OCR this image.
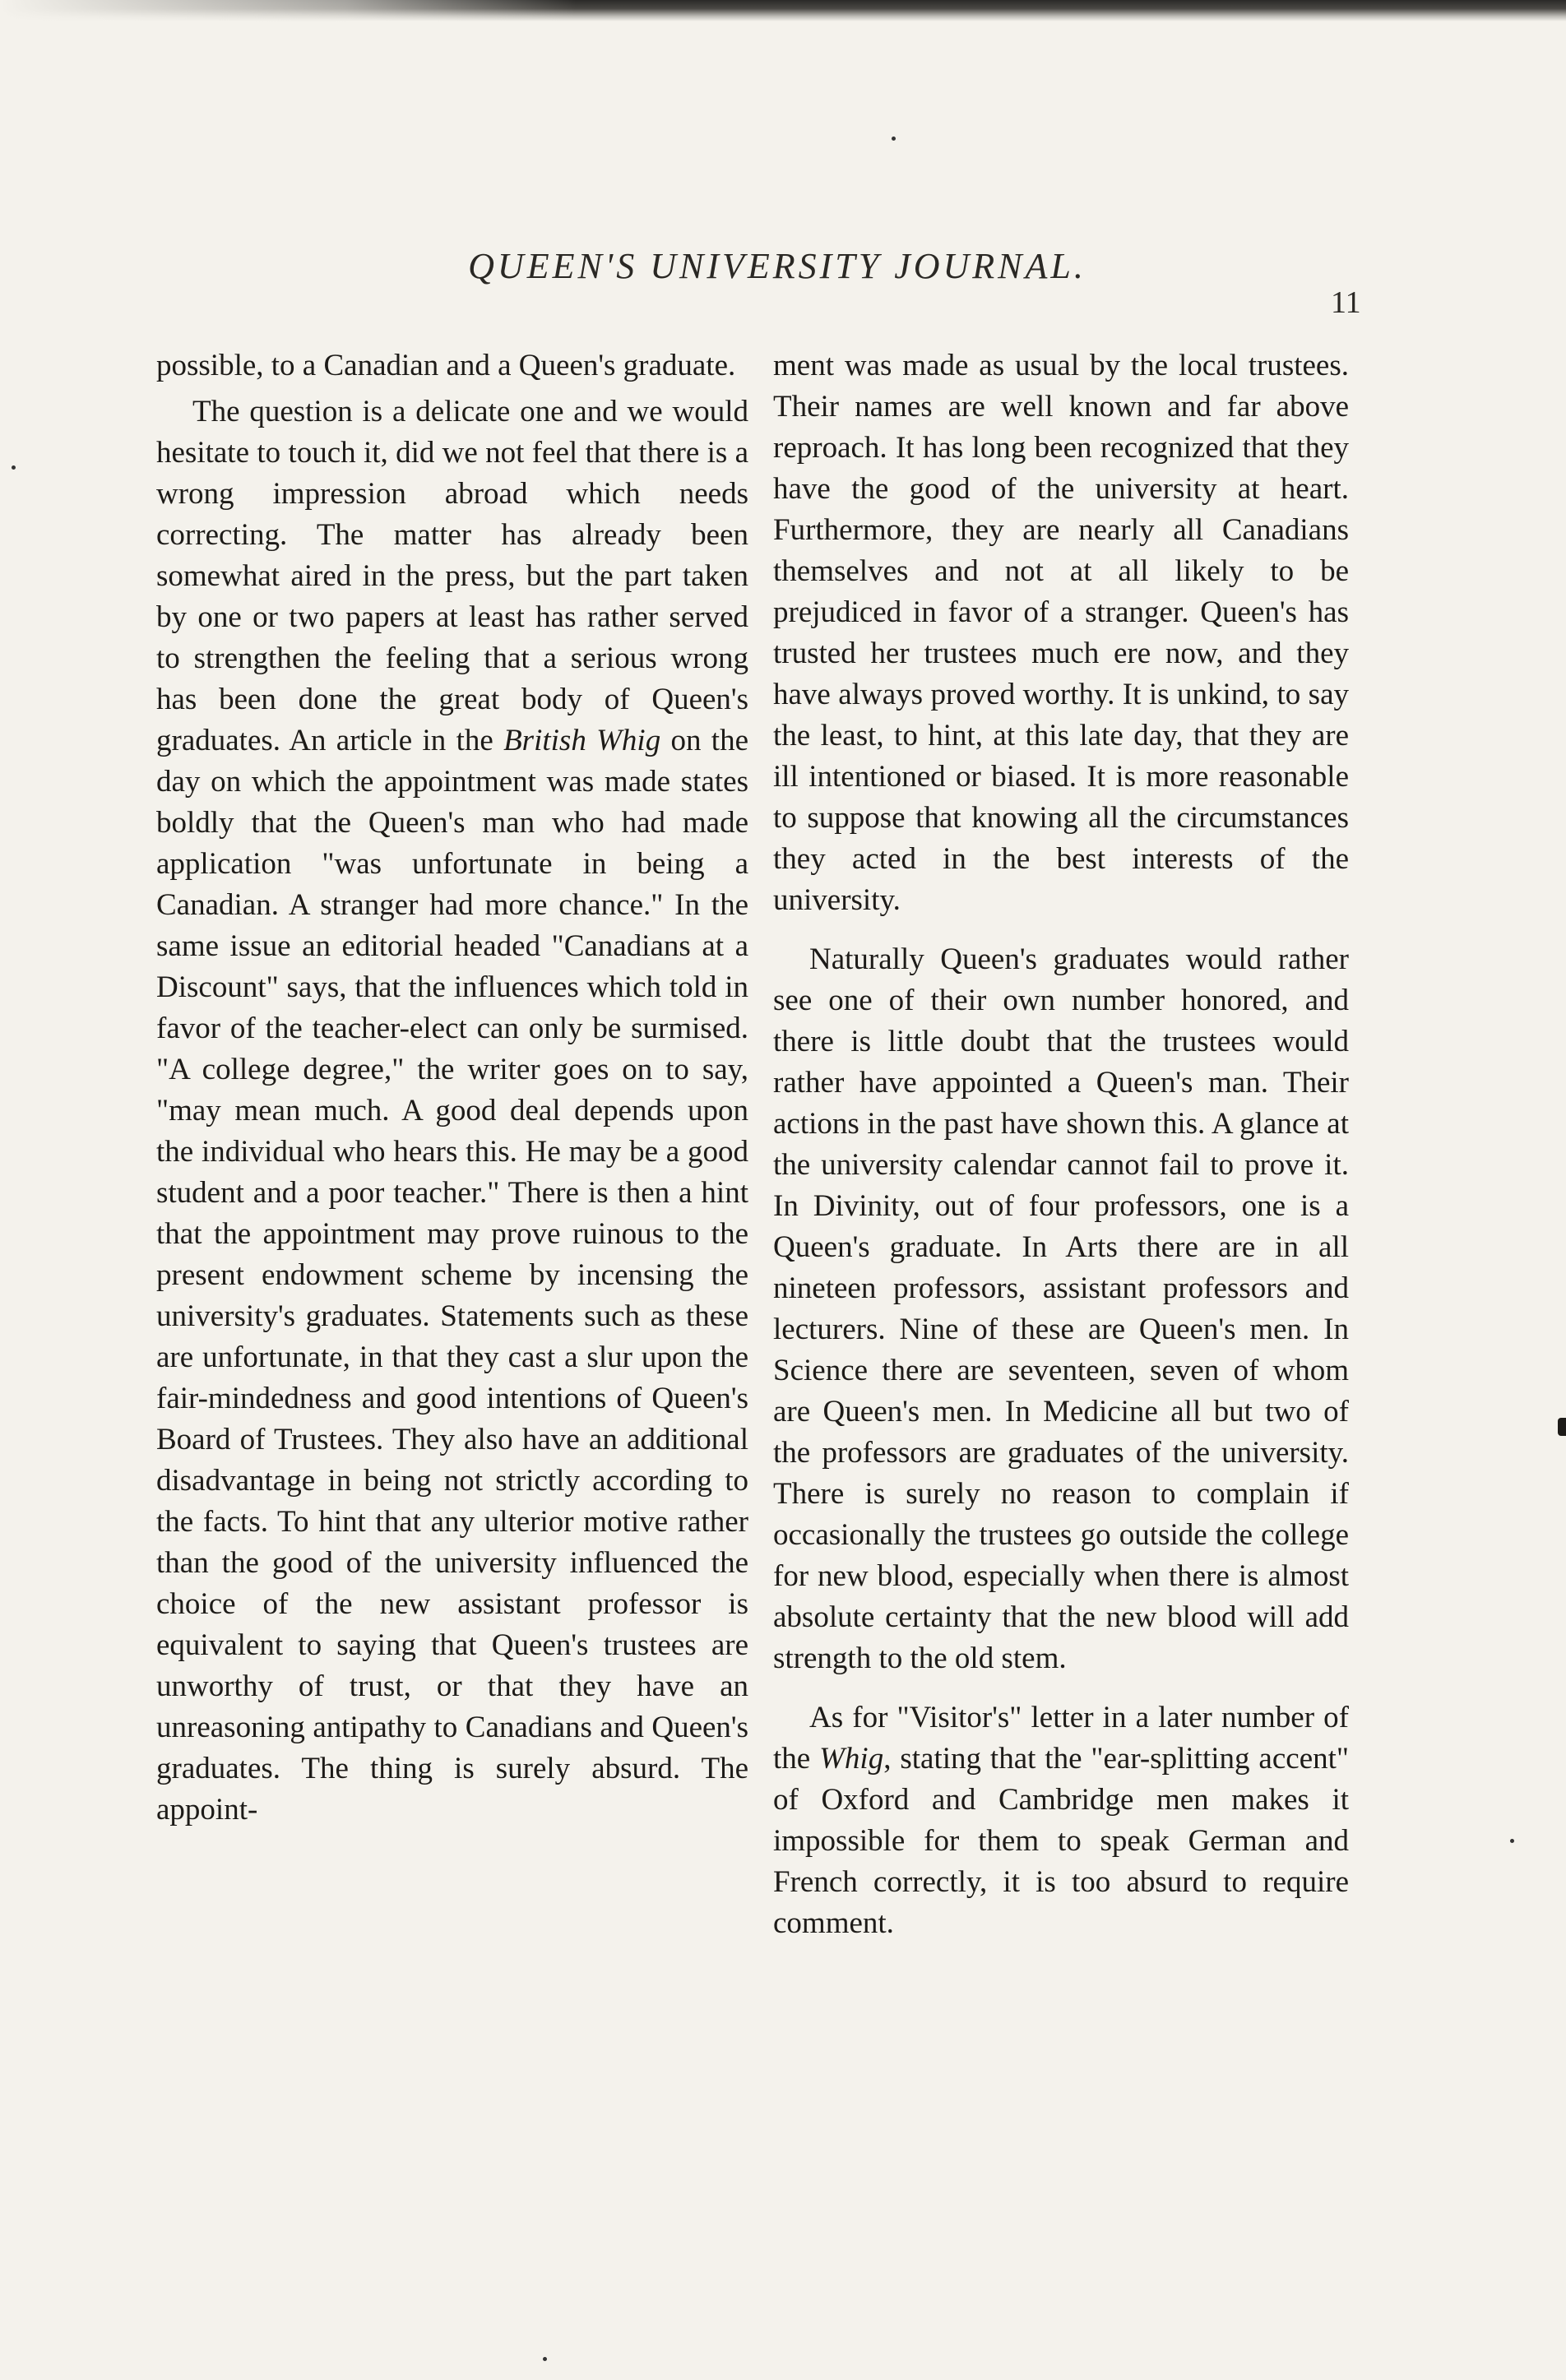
QUEEN'S UNIVERSITY JOURNAL.
11

possible, to a Canadian and a Queen's graduate.

The question is a delicate one and we would hesitate to touch it, did we not feel that there is a wrong impression abroad which needs correcting. The matter has already been somewhat aired in the press, but the part taken by one or two papers at least has rather served to strengthen the feeling that a serious wrong has been done the great body of Queen's graduates. An article in the British Whig on the day on which the appointment was made states boldly that the Queen's man who had made application "was unfortunate in being a Canadian. A stranger had more chance." In the same issue an editorial headed "Canadians at a Discount" says, that the influences which told in favor of the teacher-elect can only be surmised. "A college degree," the writer goes on to say, "may mean much. A good deal depends upon the individual who hears this. He may be a good student and a poor teacher." There is then a hint that the appointment may prove ruinous to the present endowment scheme by incensing the university's graduates. Statements such as these are unfortunate, in that they cast a slur upon the fair-mindedness and good intentions of Queen's Board of Trustees. They also have an additional disadvantage in being not strictly according to the facts. To hint that any ulterior motive rather than the good of the university influenced the choice of the new assistant professor is equivalent to saying that Queen's trustees are unworthy of trust, or that they have an unreasoning antipathy to Canadians and Queen's graduates. The thing is surely absurd. The appoint-

ment was made as usual by the local trustees. Their names are well known and far above reproach. It has long been recognized that they have the good of the university at heart. Furthermore, they are nearly all Canadians themselves and not at all likely to be prejudiced in favor of a stranger. Queen's has trusted her trustees much ere now, and they have always proved worthy. It is unkind, to say the least, to hint, at this late day, that they are ill intentioned or biased. It is more reasonable to suppose that knowing all the circumstances they acted in the best interests of the university.

Naturally Queen's graduates would rather see one of their own number honored, and there is little doubt that the trustees would rather have appointed a Queen's man. Their actions in the past have shown this. A glance at the university calendar cannot fail to prove it. In Divinity, out of four professors, one is a Queen's graduate. In Arts there are in all nineteen professors, assistant professors and lecturers. Nine of these are Queen's men. In Science there are seventeen, seven of whom are Queen's men. In Medicine all but two of the professors are graduates of the university. There is surely no reason to complain if occasionally the trustees go outside the college for new blood, especially when there is almost absolute certainty that the new blood will add strength to the old stem.

As for "Visitor's" letter in a later number of the Whig, stating that the "ear-splitting accent" of Oxford and Cambridge men makes it impossible for them to speak German and French correctly, it is too absurd to require comment.
